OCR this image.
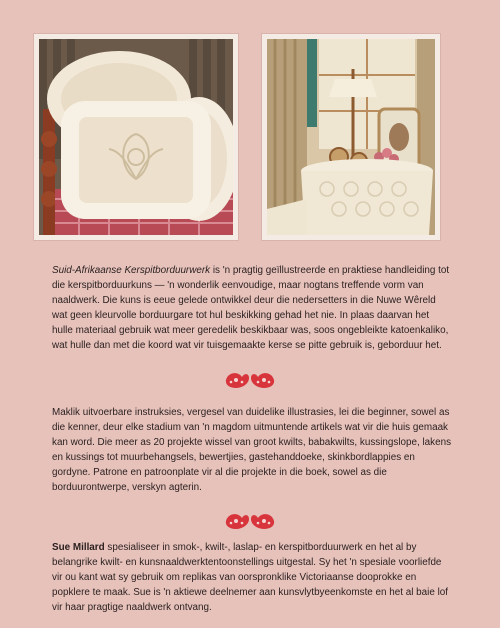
Suid-Afrikaanse Kerspitborduurwerk is 'n pragtig geïllustreerde en praktiese handleiding tot die kerspitborduurkuns — 'n wonderlik eenvoudige, maar nogtans treffende vorm van naaldwerk. Die kuns is eeue gelede ontwikkel deur die nedersetters in die Nuwe Wêreld wat geen kleurvolle borduurgare tot hul beskikking gehad het nie. In plaas daarvan het hulle materiaal gebruik wat meer geredelik beskikbaar was, soos ongebleikte katoenkaliko, wat hulle dan met die koord wat vir tuisgemaakte kerse se pitte gebruik is, geborduur het.

Maklik uitvoerbare instruksies, vergesel van duidelike illustrasies, lei die beginner, sowel as die kenner, deur elke stadium van 'n magdom uitmuntende artikels wat vir die huis gemaak kan word. Die meer as 20 projekte wissel van groot kwilts, babakwilts, kussingslope, lakens en kussings tot muurbehangsels, bewertjies, gastehanddoeke, skinkbordlappies en gordyne. Patrone en patroonplate vir al die projekte in die boek, sowel as die borduurontwerpe, verskyn agterin.

Sue Millard spesialiseer in smok-, kwilt-, laslap- en kerspitborduurwerk en het al by belangrike kwilt- en kunsnaaldwerktentoonstellings uitgestal. Sy het 'n spesiale voorliefde vir ou kant wat sy gebruik om replikas van oorspronklike Victoriaanse dooprokke en popklere te maak. Sue is 'n aktiewe deelnemer aan kunsvlytbyeenkomste en het al baie lof vir haar pragtige naaldwerk ontvang.
